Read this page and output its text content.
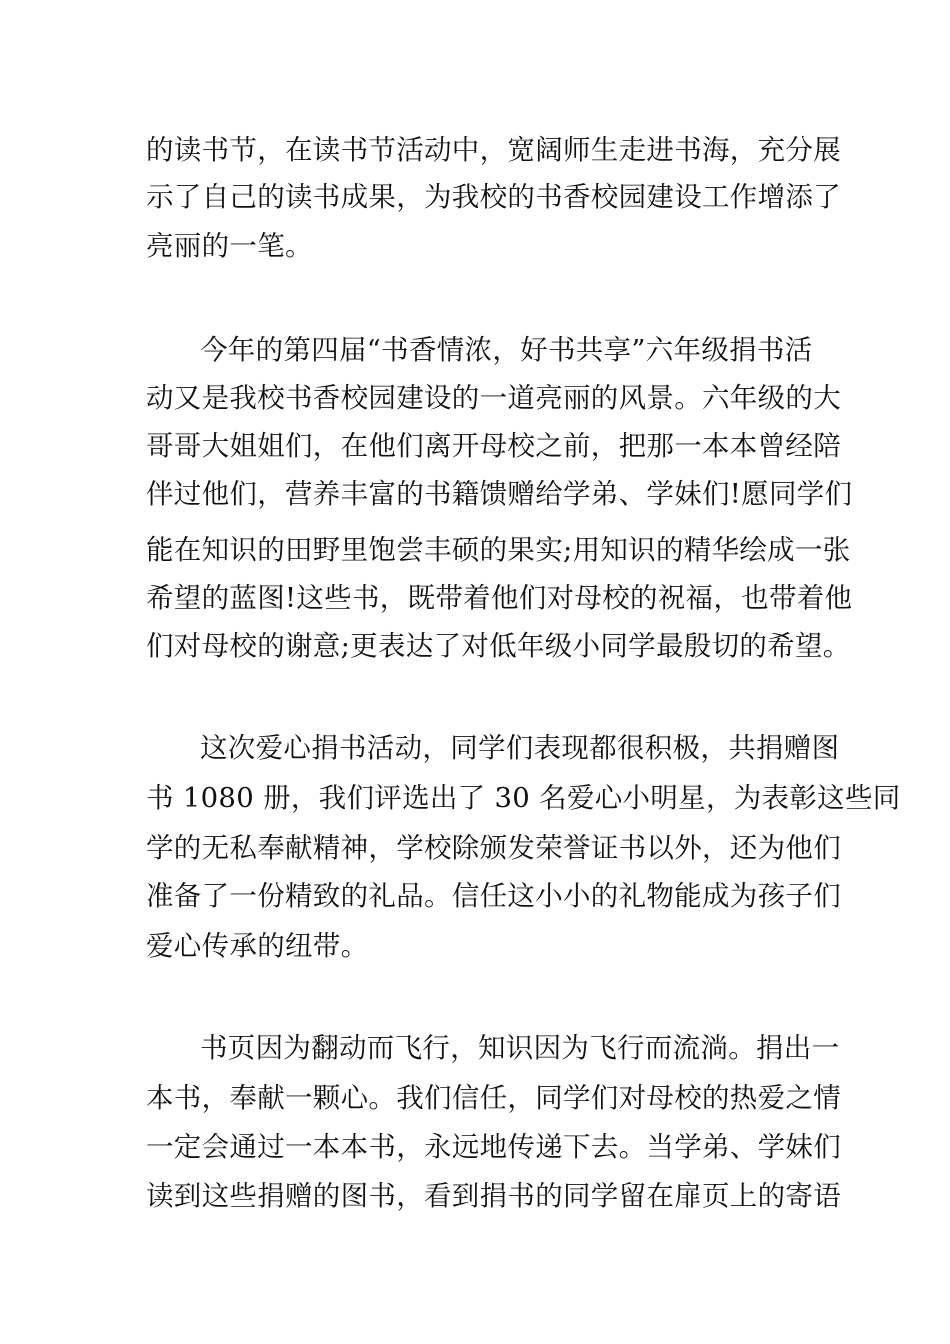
的读书节，在读书节活动中，宽阔师生走进书海，充分展
示了自己的读书成果，为我校的书香校园建设工作增添了
亮丽的一笔。
今年的第四届“书香情浓，好书共享”六年级捐书活
动又是我校书香校园建设的一道亮丽的风景。六年级的大
哥哥大姐姐们，在他们离开母校之前，把那一本本曾经陪
伴过他们，营养丰富的书籍馈赠给学弟、学妹们!愿同学们
能在知识的田野里饱尝丰硕的果实;用知识的精华绘成一张
希望的蓝图!这些书，既带着他们对母校的祝福，也带着他
们对母校的谢意;更表达了对低年级小同学最殷切的希望。
这次爱心捐书活动，同学们表现都很积极，共捐赠图
书 1080 册，我们评选出了 30 名爱心小明星，为表彰这些同
学的无私奉献精神，学校除颁发荣誉证书以外，还为他们
准备了一份精致的礼品。信任这小小的礼物能成为孩子们
爱心传承的纽带。
书页因为翻动而飞行，知识因为飞行而流淌。捐出一
本书，奉献一颗心。我们信任，同学们对母校的热爱之情
一定会通过一本本书，永远地传递下去。当学弟、学妹们
读到这些捐赠的图书，看到捐书的同学留在扉页上的寄语
